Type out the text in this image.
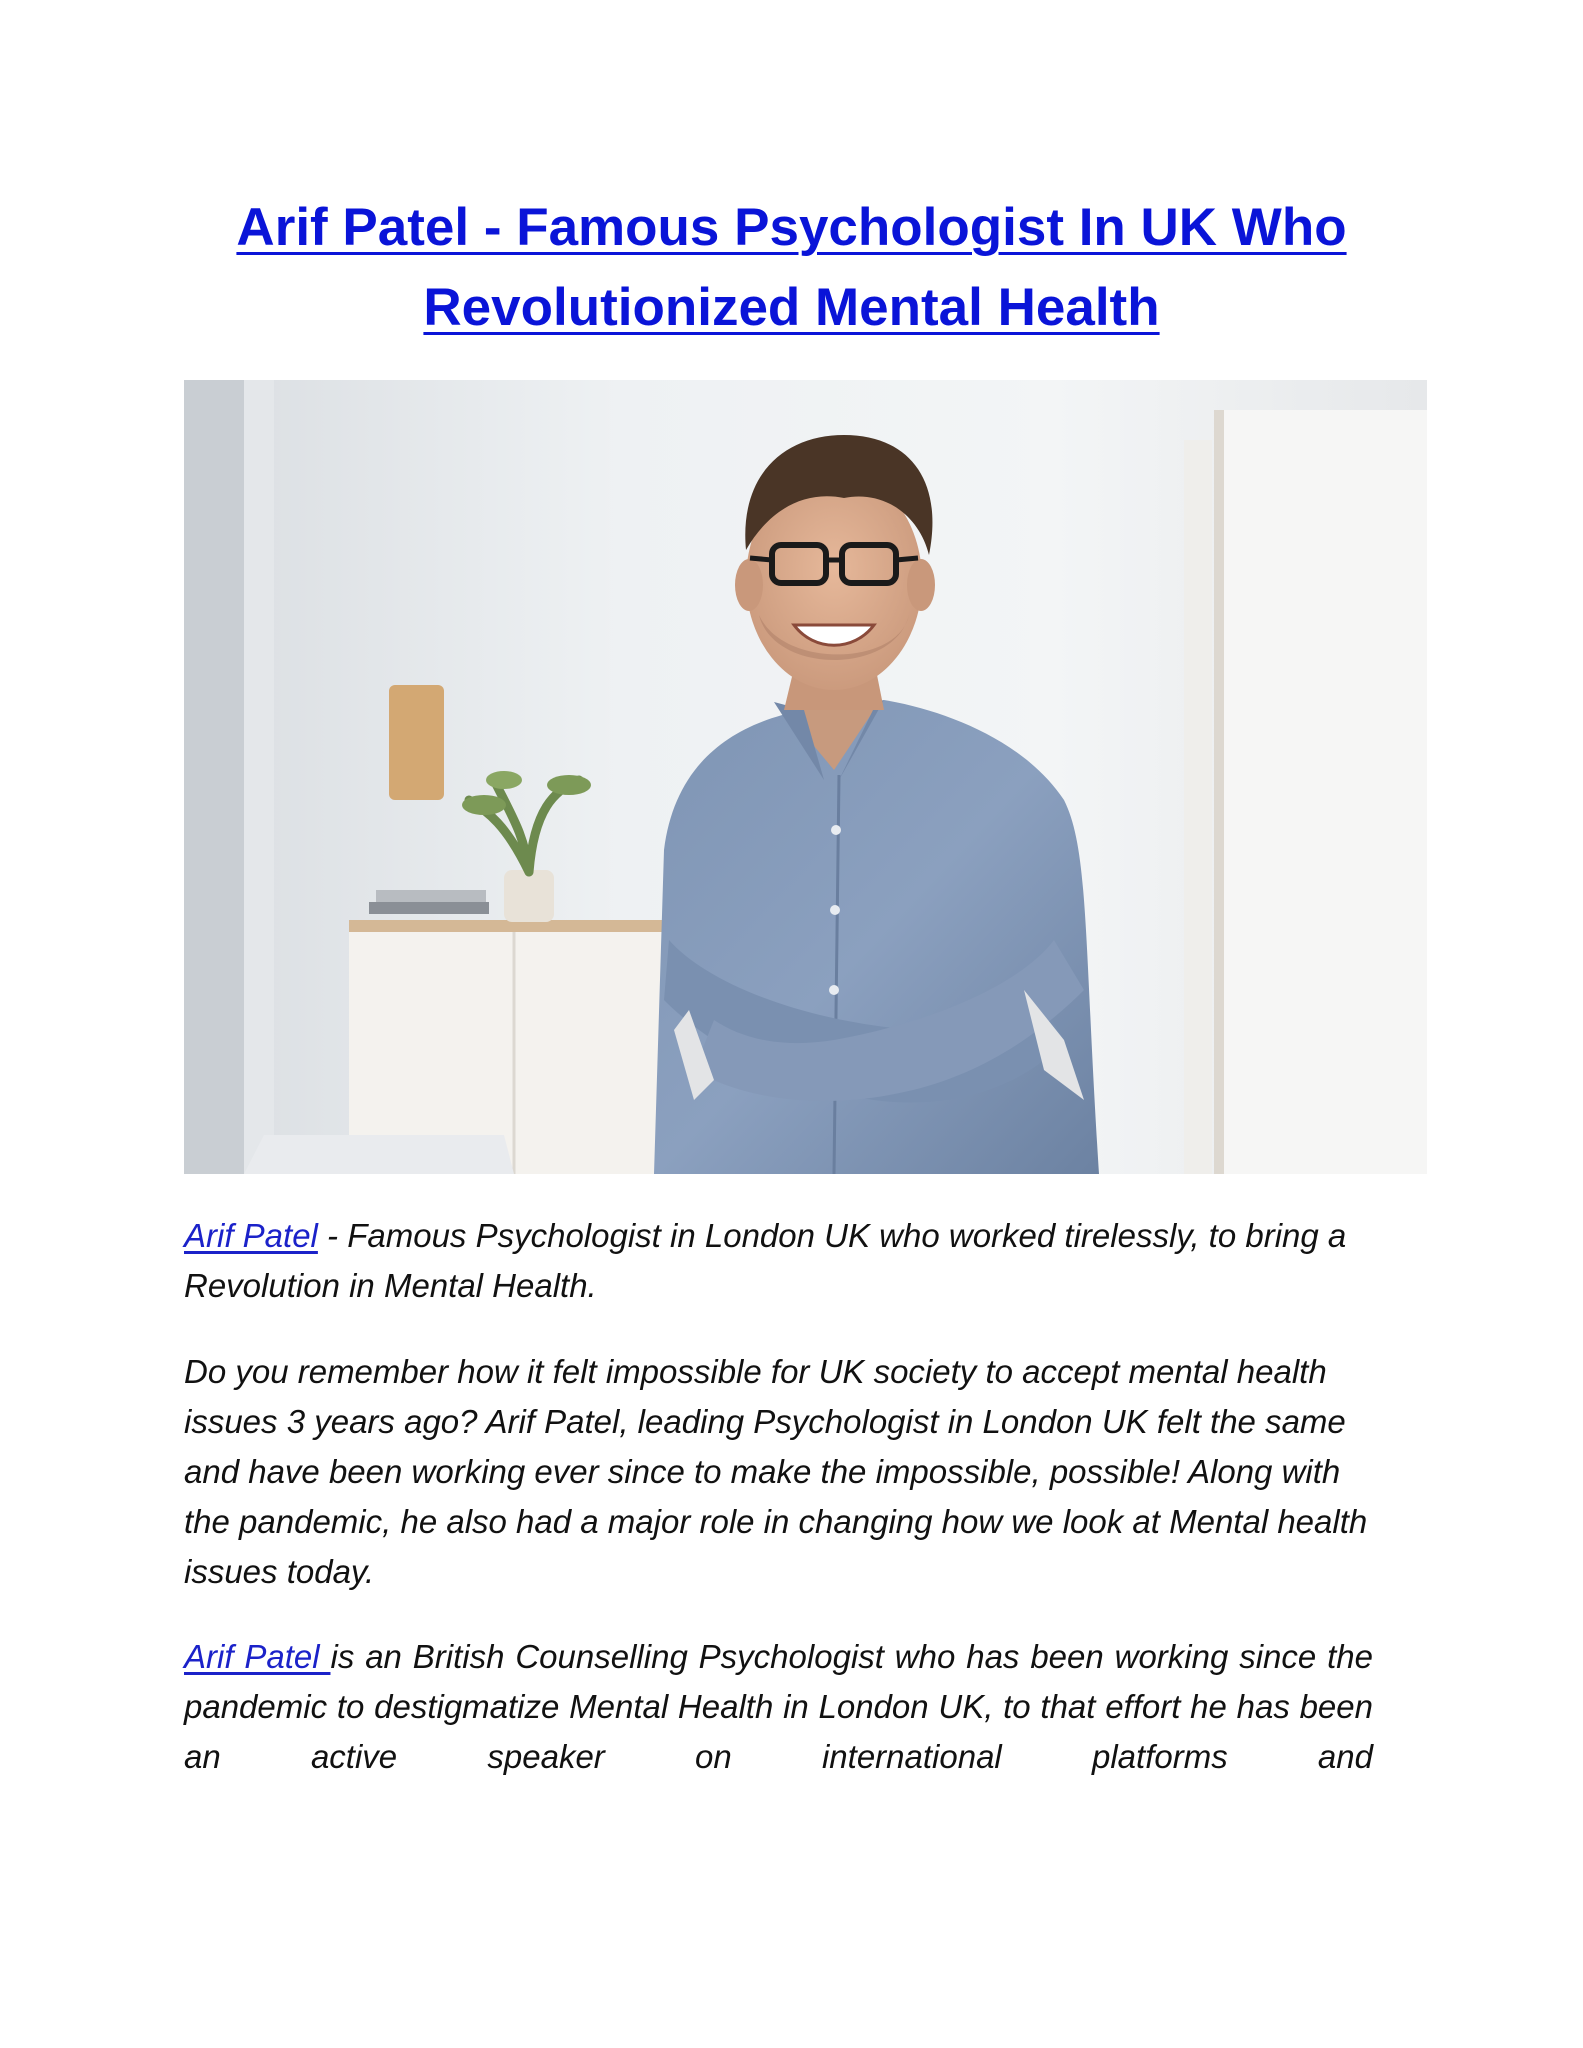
Arif Patel - Famous Psychologist In UK Who
Revolutionized Mental Health

Arif Patel - Famous Psychologist in London UK who worked tirelessly, to bring a Revolution in Mental Health.

Do you remember how it felt impossible for UK society to accept mental health issues 3 years ago? Arif Patel, leading Psychologist in London UK felt the same and have been working ever since to make the impossible, possible! Along with the pandemic, he also had a major role in changing how we look at Mental health issues today.

Arif Patel is an British Counselling Psychologist who has been working since the pandemic to destigmatize Mental Health in London UK, to that effort he has been an active speaker on international platforms and
